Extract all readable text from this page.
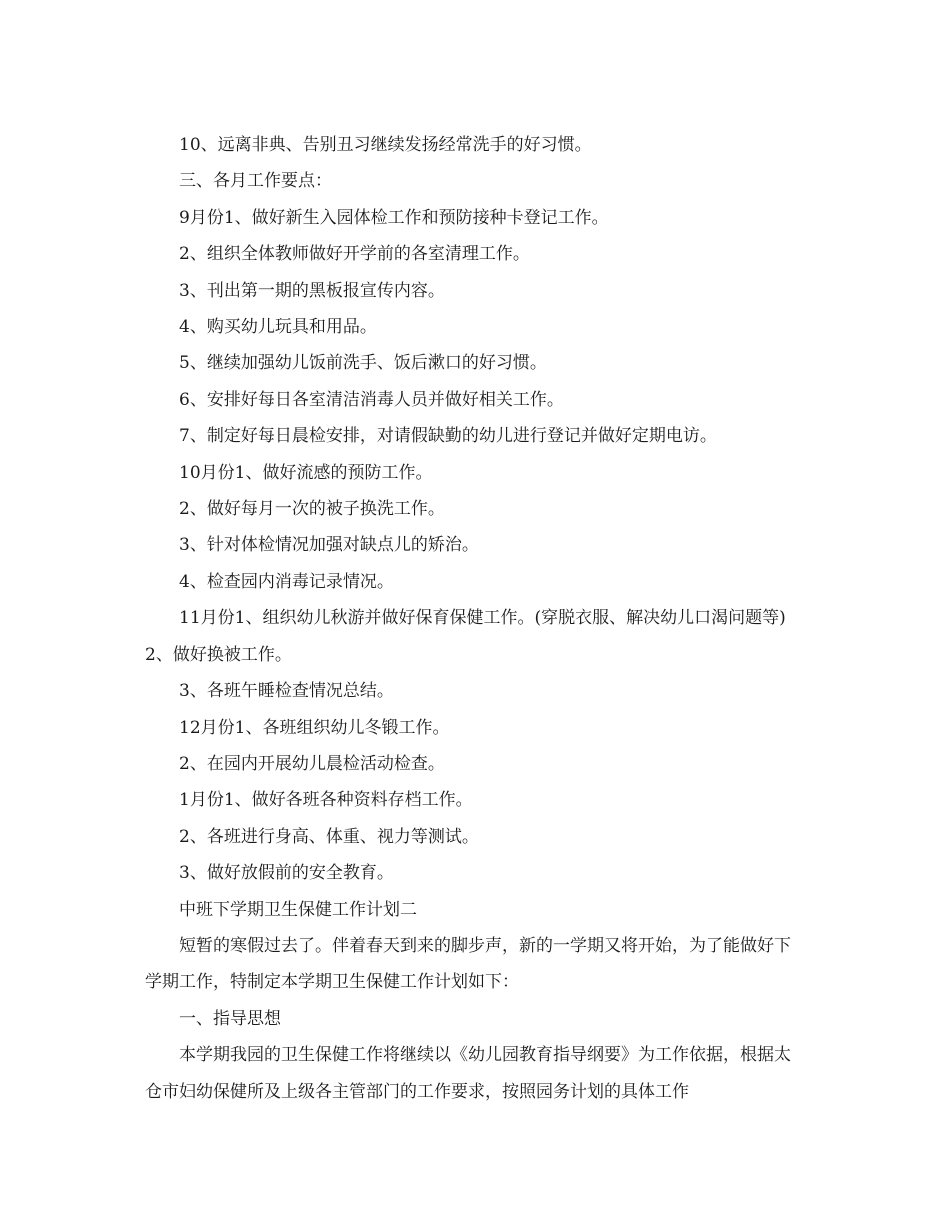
10、远离非典、告别丑习继续发扬经常洗手的好习惯。

三、各月工作要点：

9月份1、做好新生入园体检工作和预防接种卡登记工作。

2、组织全体教师做好开学前的各室清理工作。

3、刊出第一期的黑板报宣传内容。

4、购买幼儿玩具和用品。

5、继续加强幼儿饭前洗手、饭后漱口的好习惯。

6、安排好每日各室清洁消毒人员并做好相关工作。

7、制定好每日晨检安排，对请假缺勤的幼儿进行登记并做好定期电访。

10月份1、做好流感的预防工作。

2、做好每月一次的被子换洗工作。

3、针对体检情况加强对缺点儿的矫治。

4、检查园内消毒记录情况。

11月份1、组织幼儿秋游并做好保育保健工作。(穿脱衣服、解决幼儿口渴问题等)2、做好换被工作。

3、各班午睡检查情况总结。

12月份1、各班组织幼儿冬锻工作。

2、在园内开展幼儿晨检活动检查。

1月份1、做好各班各种资料存档工作。

2、各班进行身高、体重、视力等测试。

3、做好放假前的安全教育。

中班下学期卫生保健工作计划二

短暂的寒假过去了。伴着春天到来的脚步声，新的一学期又将开始，为了能做好下学期工作，特制定本学期卫生保健工作计划如下：

一、指导思想

本学期我园的卫生保健工作将继续以《幼儿园教育指导纲要》为工作依据，根据太仓市妇幼保健所及上级各主管部门的工作要求，按照园务计划的具体工作
